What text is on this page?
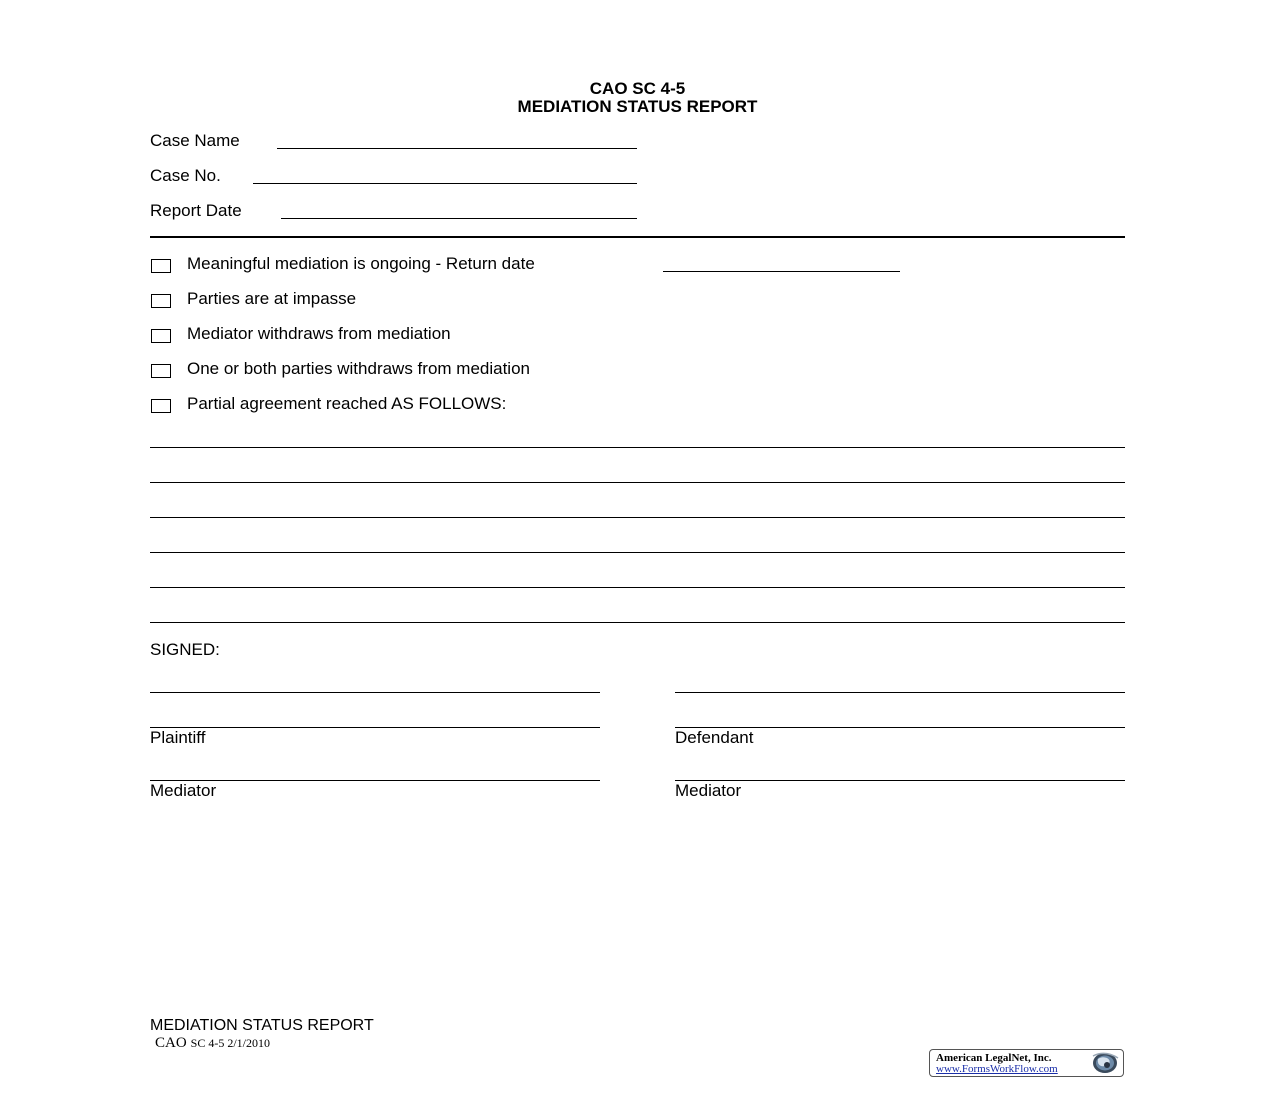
CAO SC 4-5
MEDIATION STATUS REPORT
Case Name
Case No.
Report Date
Meaningful mediation is ongoing - Return date
Parties are at impasse
Mediator withdraws from mediation
One or both parties withdraws from mediation
Partial agreement reached AS FOLLOWS:
SIGNED:
Plaintiff	Defendant
Mediator	Mediator
MEDIATION STATUS REPORT
CAO SC 4-5 2/1/2010
American LegalNet, Inc.
www.FormsWorkFlow.com
